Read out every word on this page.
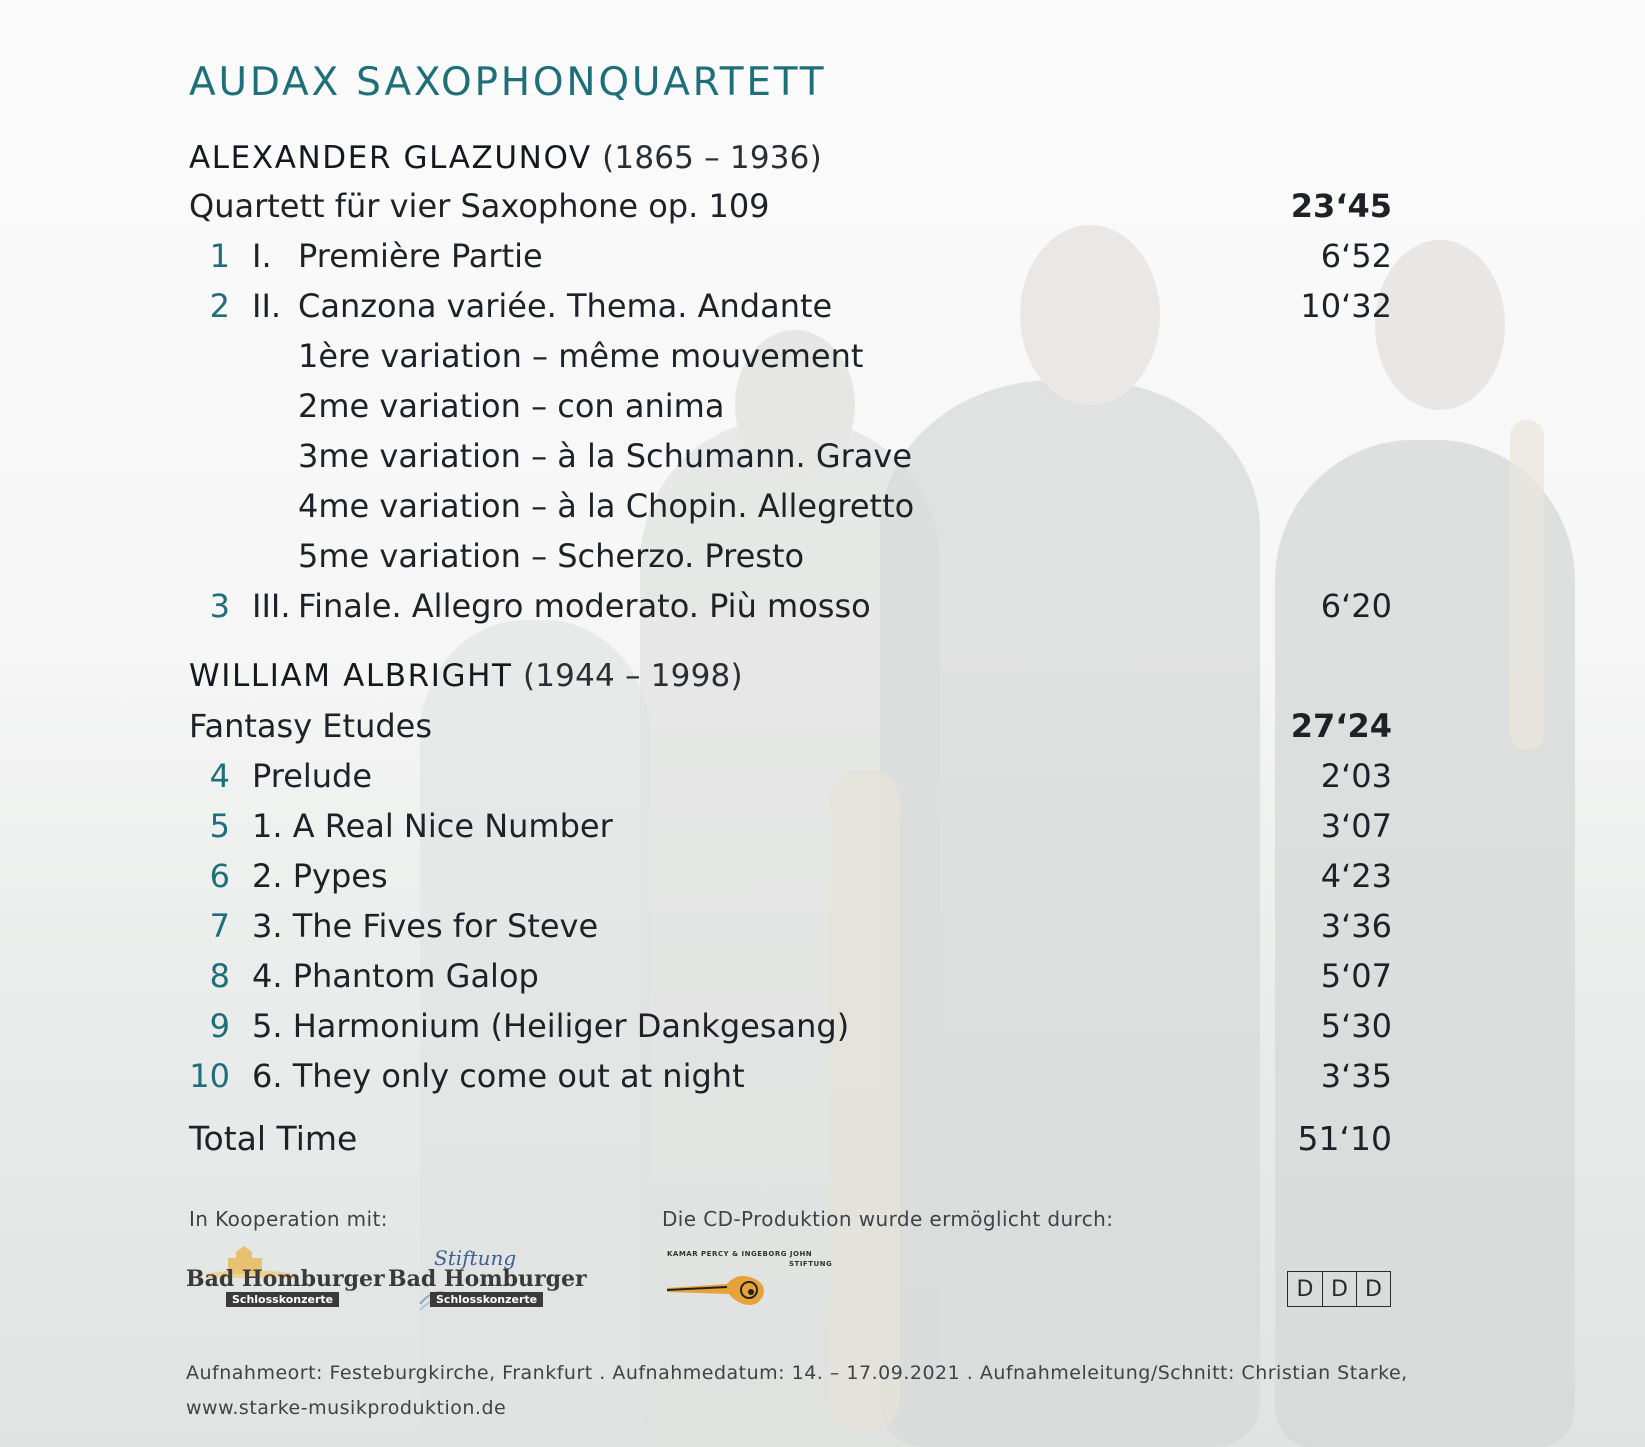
AUDAX SAXOPHONQUARTETT
ALEXANDER GLAZUNOV (1865 – 1936)
Quartett für vier Saxophone op. 109	23‘45
1 I. Première Partie	6‘52
2 II. Canzona variée. Thema. Andante	10‘32
1ère variation – même mouvement
2me variation – con anima
3me variation – à la Schumann. Grave
4me variation – à la Chopin. Allegretto
5me variation – Scherzo. Presto
3 III. Finale. Allegro moderato. Più mosso	6‘20
WILLIAM ALBRIGHT (1944 – 1998)
Fantasy Etudes	27‘24
4 Prelude	2‘03
5 1. A Real Nice Number	3‘07
6 2. Pypes	4‘23
7 3. The Fives for Steve	3‘36
8 4. Phantom Galop	5‘07
9 5. Harmonium (Heiliger Dankgesang)	5‘30
10 6. They only come out at night	3‘35
Total Time	51‘10
In Kooperation mit:	Die CD-Produktion wurde ermöglicht durch:
Bad Homburger
Schlosskonzerte
Stiftung
Bad Homburger
Schlosskonzerte
KAMAR PERCY & INGEBORG JOHN
STIFTUNG
D D D
Aufnahmeort: Festeburgkirche, Frankfurt . Aufnahmedatum: 14. – 17.09.2021 . Aufnahmeleitung/Schnitt: Christian Starke,
www.starke-musikproduktion.de
